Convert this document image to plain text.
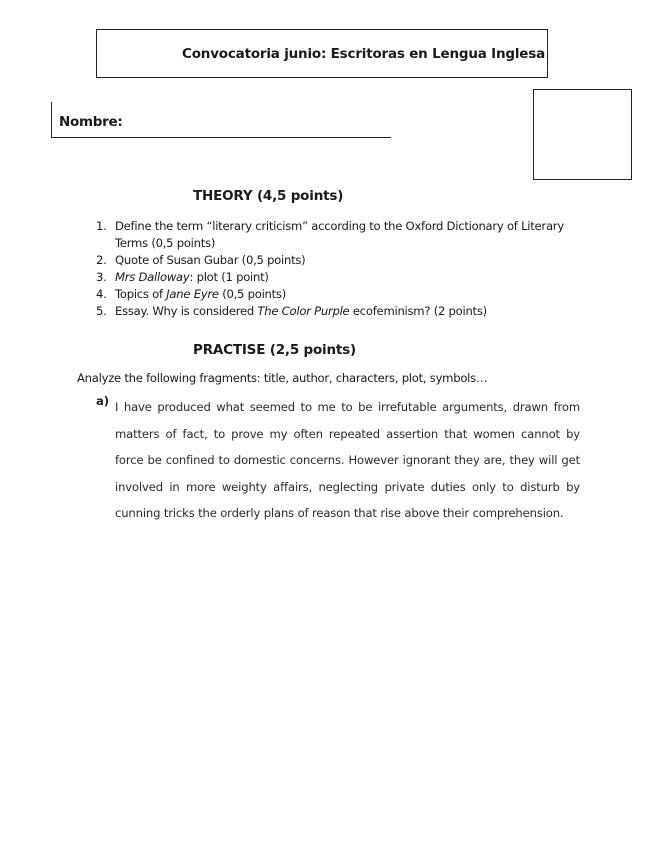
Convocatoria junio: Escritoras en Lengua Inglesa
Nombre:
THEORY (4,5 points)
1 . Define the term “literary criticism” according to the Oxford Dictionary of Literary Terms (0,5 points)
2 . Quote of Susan Gubar (0,5 points)
3 . Mrs Dalloway: plot (1 point)
4 . Topics of Jane Eyre (0,5 points)
5 . Essay. Why is considered The Color Purple ecofeminism? (2 points)
PRACTISE (2,5 points)
Analyze the following fragments: title, author, characters, plot, symbols…
a ) I have produced what seemed to me to be irrefutable arguments, drawn from matters of fact, to prove my often repeated assertion that women cannot by force be confined to domestic concerns. However ignorant they are, they will get involved in more weighty affairs, neglecting private duties only to disturb by cunning tricks the orderly plans of reason that rise above their comprehension.
